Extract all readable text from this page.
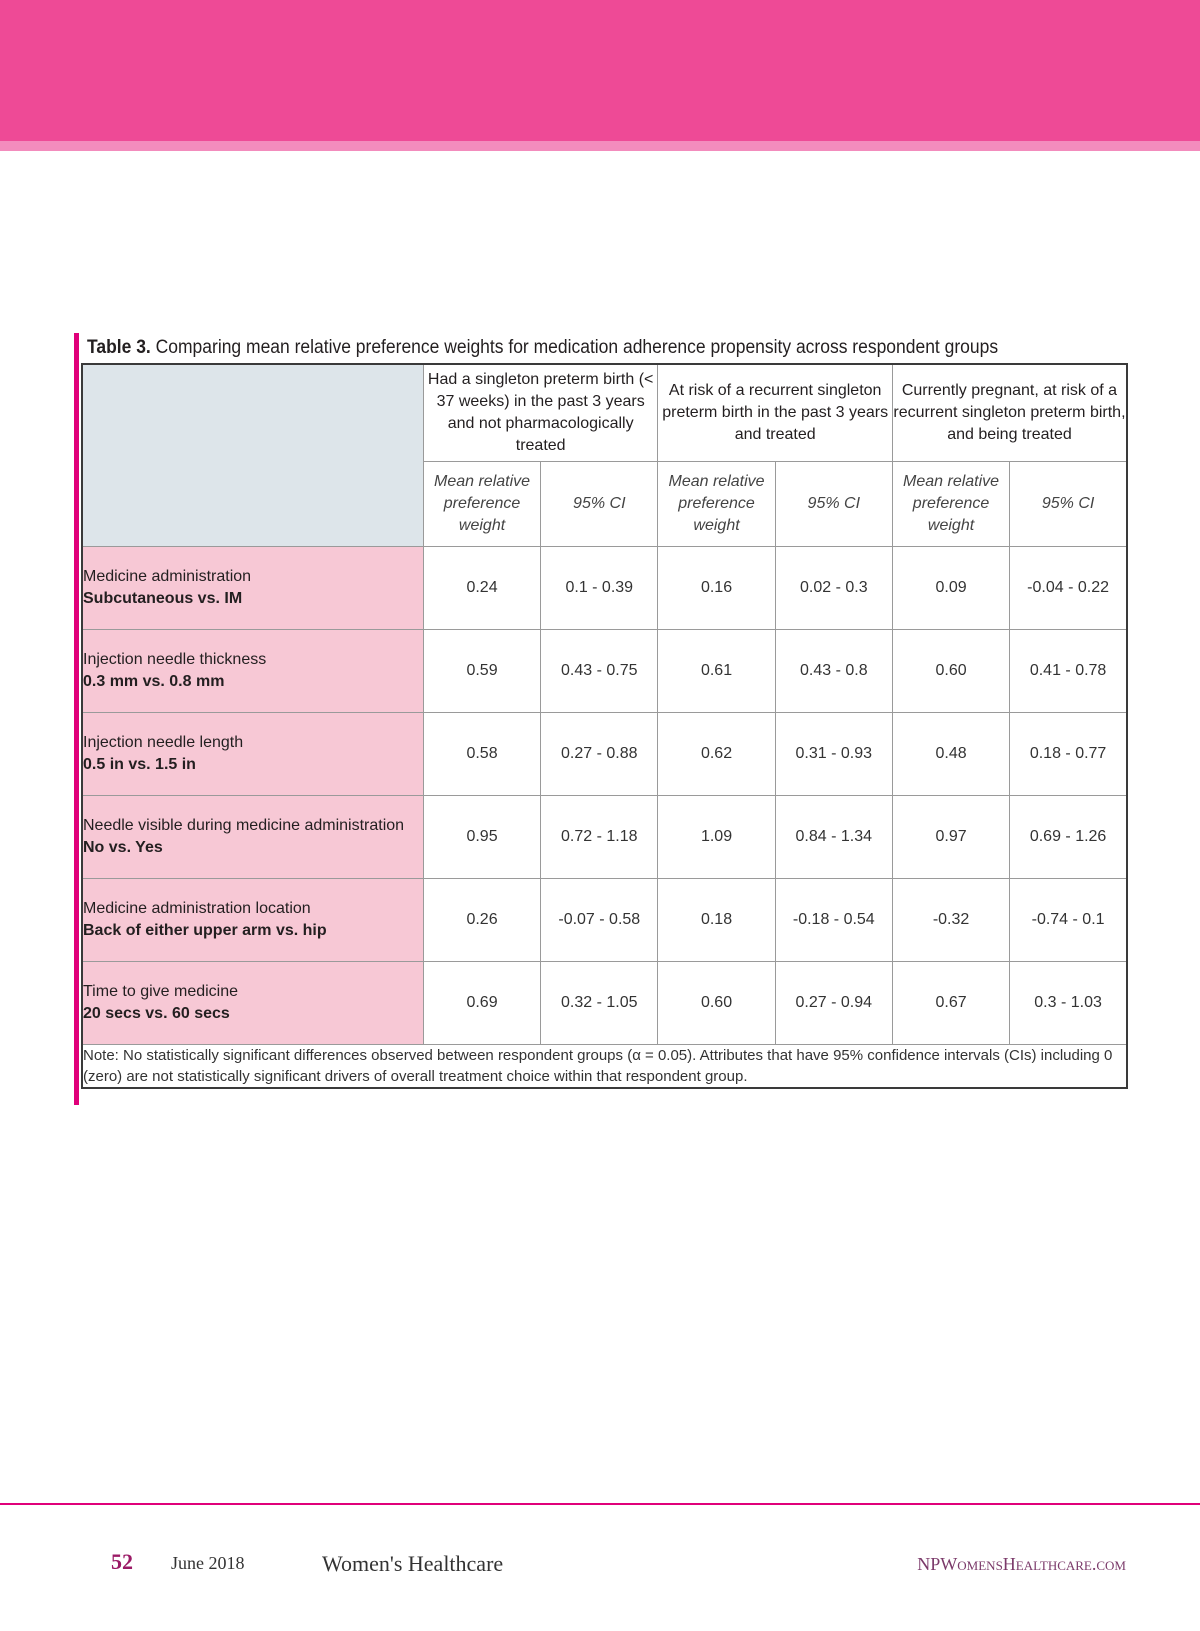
Table 3. Comparing mean relative preference weights for medication adherence propensity across respondent groups
	Had a singleton preterm birth (< 37 weeks) in the past 3 years and not pharmacologically treated		At risk of a recurrent singleton preterm birth in the past 3 years and treated		Currently pregnant, at risk of a recurrent singleton preterm birth, and being treated	
	Mean relative preference weight	95% CI	Mean relative preference weight	95% CI	Mean relative preference weight	95% CI

Medicine administration
Subcutaneous vs. IM	0.24	0.1 - 0.39	0.16	0.02 - 0.3	0.09	-0.04 - 0.22

Injection needle thickness
0.3 mm vs. 0.8 mm	0.59	0.43 - 0.75	0.61	0.43 - 0.8	0.60	0.41 - 0.78

Injection needle length
0.5 in vs. 1.5 in	0.58	0.27 - 0.88	0.62	0.31 - 0.93	0.48	0.18 - 0.77

Needle visible during medicine administration
No vs. Yes	0.95	0.72 - 1.18	1.09	0.84 - 1.34	0.97	0.69 - 1.26

Medicine administration location
Back of either upper arm vs. hip	0.26	-0.07 - 0.58	0.18	-0.18 - 0.54	-0.32	-0.74 - 0.1

Time to give medicine
20 secs vs. 60 secs	0.69	0.32 - 1.05	0.60	0.27 - 0.94	0.67	0.3 - 1.03
Note: No statistically significant differences observed between respondent groups (α = 0.05). Attributes that have 95% confidence intervals (CIs) including 0 (zero) are not statistically significant drivers of overall treatment choice within that respondent group.						
52 June 2018	Women's Healthcare	NPWomensHealthcare.com
